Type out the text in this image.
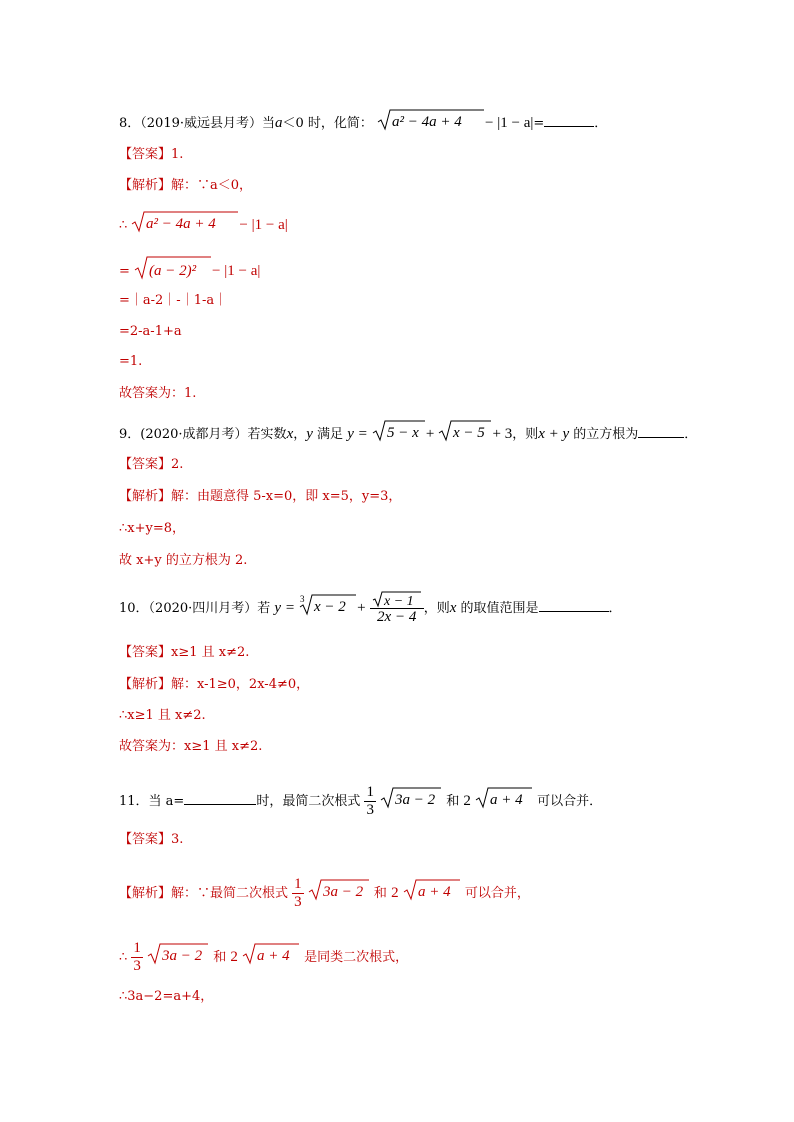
8．（2019·威远县月考）当a＜0 时，化简： a² − 4a + 4 − |1 − a|=	．
【答案】1.
【解析】解：∵a＜0，
∴ a² − 4a + 4 − |1 − a|
= (a − 2)² − |1 − a|
=｜a-2｜-｜1-a｜
=2-a-1+a
=1.
故答案为：1.
9．(2020·成都月考）若实数x，y 满足 y = 5 − x + x − 5 + 3，则x + y 的立方根为	．
【答案】2.
【解析】解：由题意得 5-x=0，即 x=5，y=3，
∴x+y=8，
故 x+y 的立方根为 2.
10．（2020·四川月考）若 y =
3 $x - 2 + \frac{x - 1}{2x - 4}$ ，则x 的取值范围是	．
【答案】x≥1 且 x≠2.
【解析】解：x-1≥0，2x-4≠0，
∴x≥1 且 x≠2.
故答案为：x≥1 且 x≠2.
11．当 a=	时，最简二次根式 $\frac{1}{3}$
3a − 2 和 2 a + 4 可以合并．
【答案】3.
【解析】解：∵最简二次根式 $\frac{1}{3}$
3a − 2 和 2 a + 4 可以合并，
∴ $\frac{1}{3}$
3a − 2 和 2 a + 4 是同类二次根式，
∴3a−2=a+4，
